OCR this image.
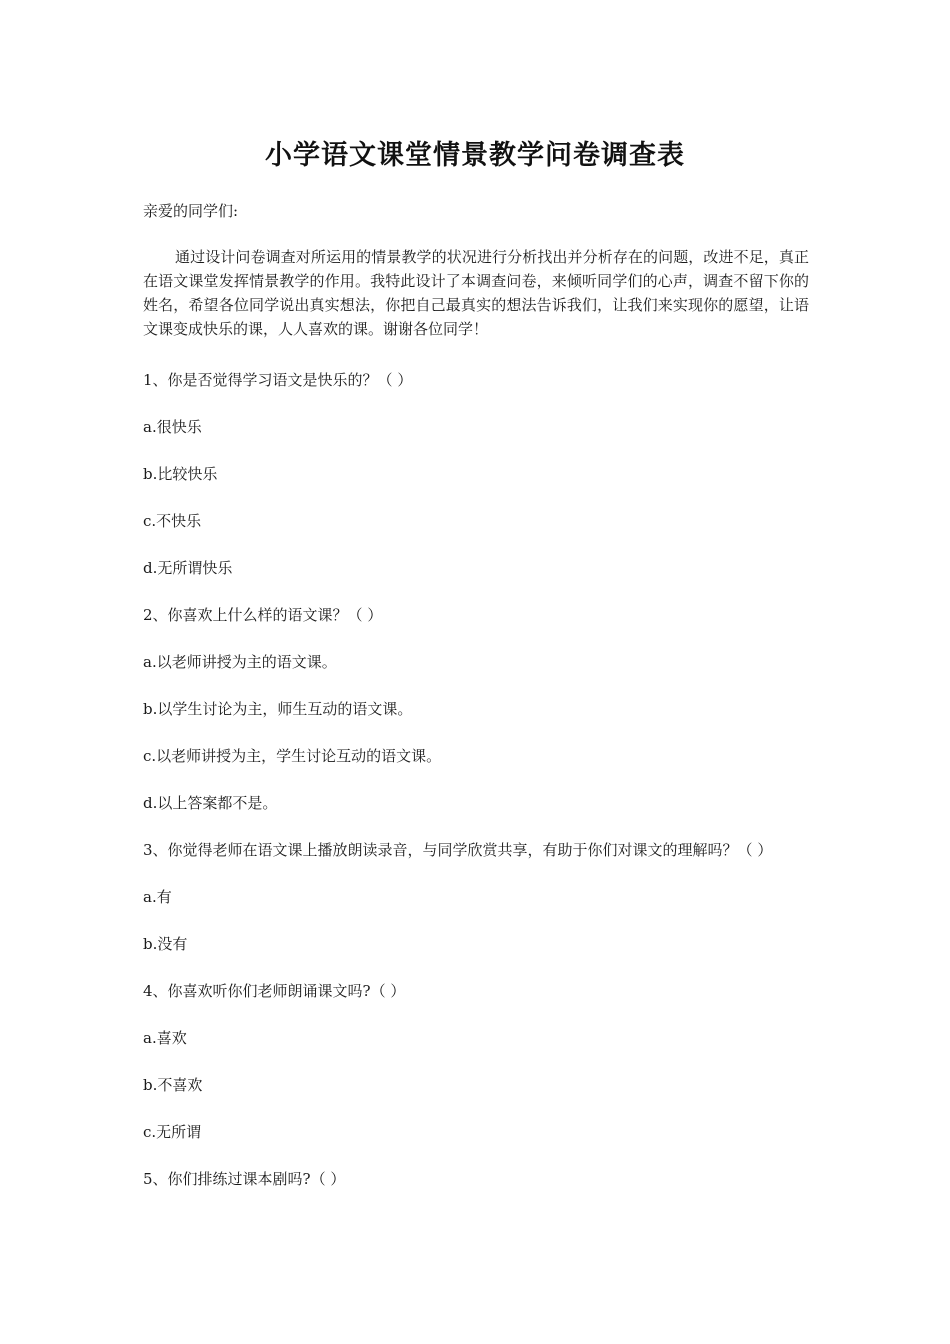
小学语文课堂情景教学问卷调查表
亲爱的同学们:
通过设计问卷调查对所运用的情景教学的状况进行分析找出并分析存在的问题，改进不足，真正在语文课堂发挥情景教学的作用。我特此设计了本调查问卷，来倾听同学们的心声，调查不留下你的姓名，希望各位同学说出真实想法，你把自己最真实的想法告诉我们，让我们来实现你的愿望，让语文课变成快乐的课，人人喜欢的课。谢谢各位同学！
1、你是否觉得学习语文是快乐的？（ ）
a.很快乐
b.比较快乐
c.不快乐
d.无所谓快乐
2、你喜欢上什么样的语文课？（ ）
a.以老师讲授为主的语文课。
b.以学生讨论为主，师生互动的语文课。
c.以老师讲授为主，学生讨论互动的语文课。
d.以上答案都不是。
3、你觉得老师在语文课上播放朗读录音，与同学欣赏共享，有助于你们对课文的理解吗？（ ）
a.有
b.没有
4、你喜欢听你们老师朗诵课文吗?（ ）
a.喜欢
b.不喜欢
c.无所谓
5、你们排练过课本剧吗?（ ）
